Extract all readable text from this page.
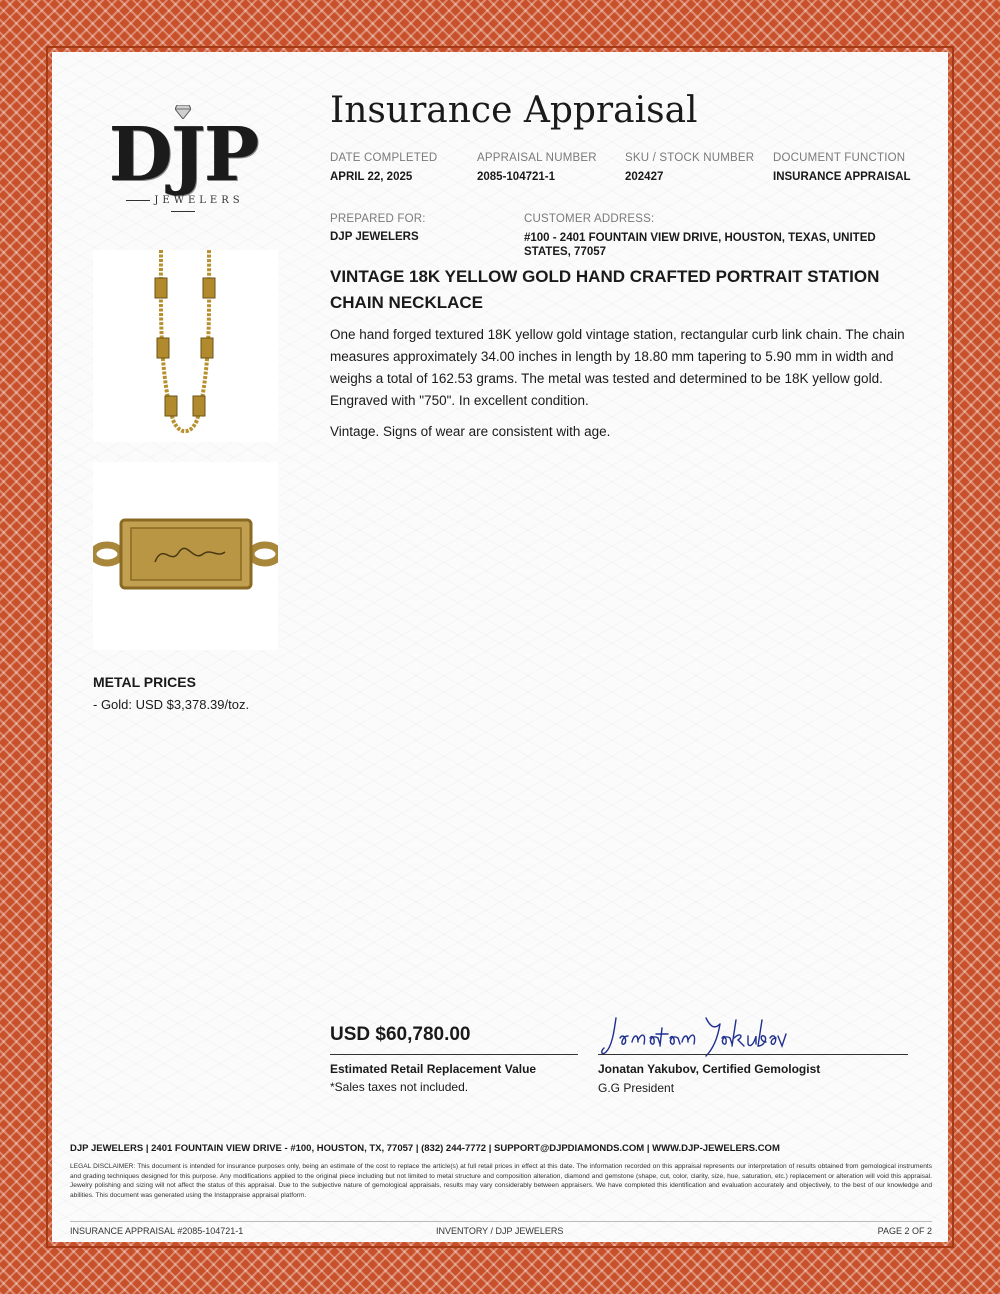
DJP
JEWELERS
METAL PRICES
- Gold: USD $3,378.39/toz.
Insurance Appraisal
DATE COMPLETED
APRIL 22, 2025
APPRAISAL NUMBER
2085-104721-1
SKU / STOCK NUMBER
202427
DOCUMENT FUNCTION
INSURANCE APPRAISAL
PREPARED FOR:
DJP JEWELERS
CUSTOMER ADDRESS:
#100 - 2401 FOUNTAIN VIEW DRIVE, HOUSTON, TEXAS, UNITED STATES, 77057
VINTAGE 18K YELLOW GOLD HAND CRAFTED PORTRAIT STATION CHAIN NECKLACE

One hand forged textured 18K yellow gold vintage station, rectangular curb link chain. The chain measures approximately 34.00 inches in length by 18.80 mm tapering to 5.90 mm in width and weighs a total of 162.53 grams. The metal was tested and determined to be 18K yellow gold. Engraved with "750". In excellent condition.

Vintage. Signs of wear are consistent with age.

USD $60,780.00
Estimated Retail Replacement Value
*Sales taxes not included.
Jonatan Yakubov, Certified Gemologist
G.G President
DJP JEWELERS | 2401 FOUNTAIN VIEW DRIVE - #100, HOUSTON, TX, 77057 | (832) 244-7772 | SUPPORT@DJPDIAMONDS.COM | WWW.DJP-JEWELERS.COM
LEGAL DISCLAIMER: This document is intended for insurance purposes only, being an estimate of the cost to replace the article(s) at full retail prices in effect at this date. The information recorded on this appraisal represents our interpretation of results obtained from gemological instruments and grading techniques designed for this purpose. Any modifications applied to the original piece including but not limited to metal structure and composition alteration, diamond and gemstone (shape, cut, color, clarity, size, hue, saturation, etc.) replacement or alteration will void this appraisal. Jewelry polishing and sizing will not affect the status of this appraisal. Due to the subjective nature of gemological appraisals, results may vary considerably between appraisers. We have completed this identification and evaluation accurately and objectively, to the best of our knowledge and abilities. This document was generated using the Instappraise appraisal platform.
INSURANCE APPRAISAL #2085-104721-1	INVENTORY / DJP JEWELERS	PAGE 2 OF 2
